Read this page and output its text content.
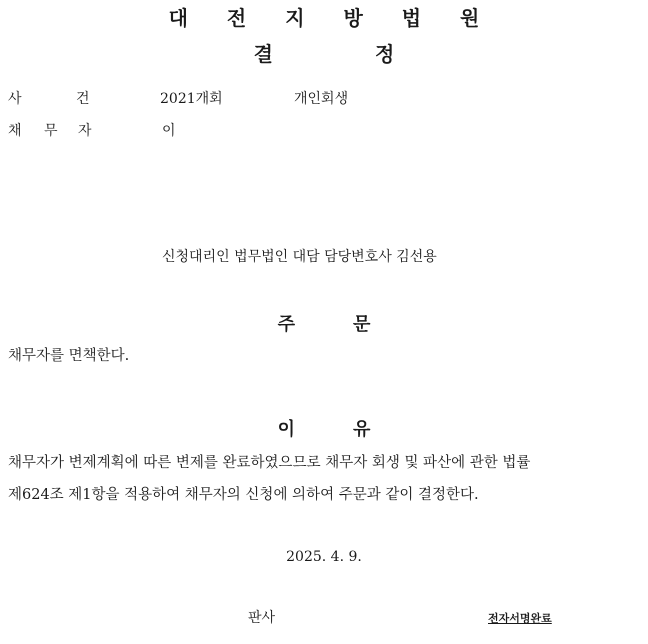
대 전 지 방 법 원
결	정
사	건	2021개회	개인회생
채 무 자	이
신청대리인 법무법인 대담 담당변호사 김선용
주	문
채무자를 면책한다.
이	유
채무자가 변제계획에 따른 변제를 완료하였으므로 채무자 회생 및 파산에 관한 법률
제624조 제1항을 적용하여 채무자의 신청에 의하여 주문과 같이 결정한다.
2025. 4. 9.
판사	전자서명완료
